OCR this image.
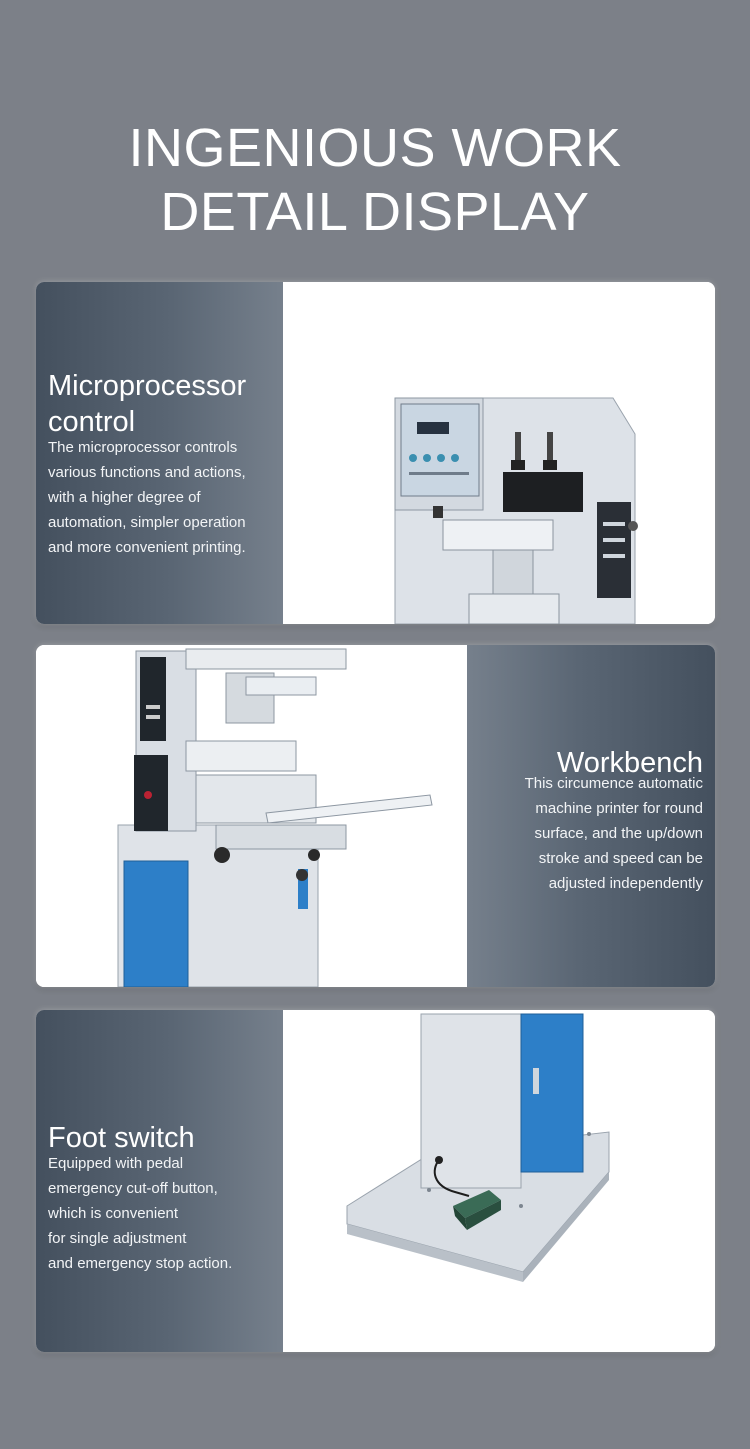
INGENIOUS WORK
DETAIL DISPLAY
Microprocessor
control

The microprocessor controls
various functions and actions,
with a higher degree of
automation, simpler operation
and more convenient printing.

Workbench

This circumence automatic
machine printer for round
surface, and the up/down
stroke and speed can be
adjusted independently

Foot switch

Equipped with pedal
emergency cut-off button,
which is convenient
for single adjustment
and emergency stop action.
